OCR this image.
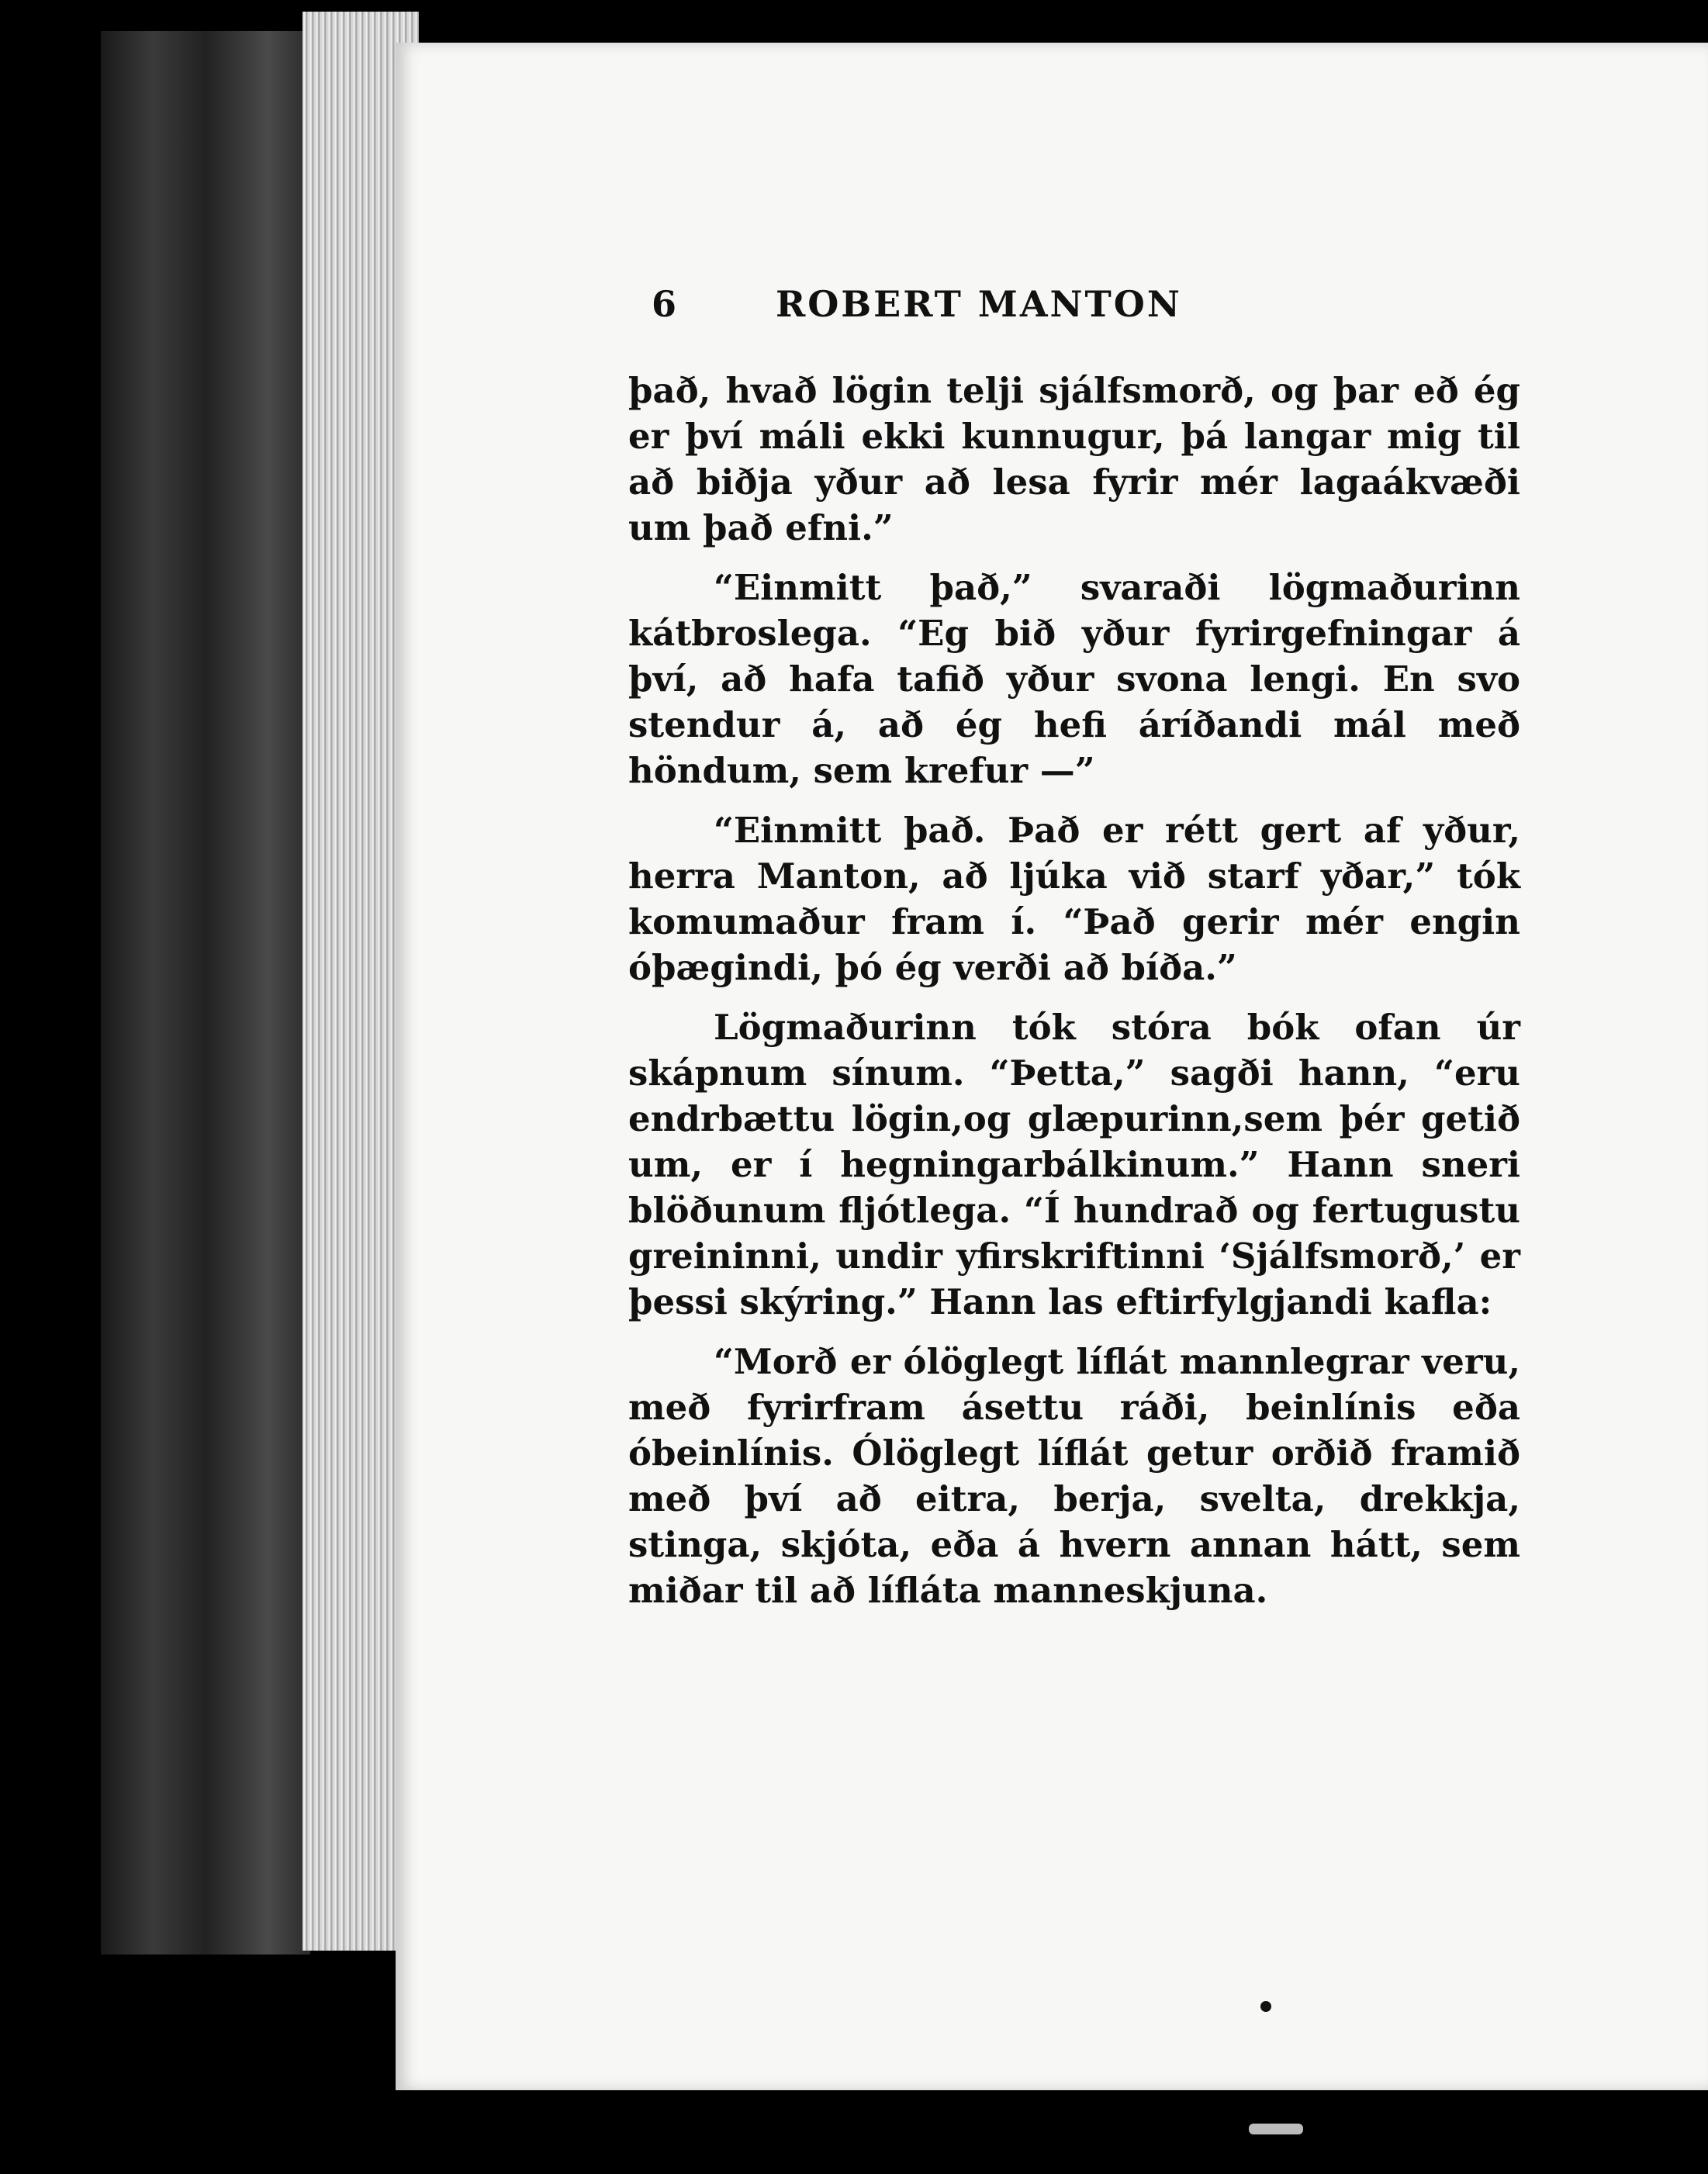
6	ROBERT MANTON

það, hvað lögin telji sjálfsmorð, og þar eð ég er því máli ekki kunnugur, þá langar mig til að biðja yður að lesa fyrir mér lagaákvæði um það efni.”

“Einmitt það,” svaraði lögmaðurinn kátbroslega. “Eg bið yður fyrirgefningar á því, að hafa tafið yður svona lengi. En svo stendur á, að ég hefi áríðandi mál með höndum, sem krefur —”

“Einmitt það. Það er rétt gert af yður, herra Manton, að ljúka við starf yðar,” tók komumaður fram í. “Það gerir mér engin óþægindi, þó ég verði að bíða.”

Lögmaðurinn tók stóra bók ofan úr skápnum sínum. “Þetta,” sagði hann, “eru endrbættu lögin,og glæpurinn,sem þér getið um, er í hegningarbálkinum.” Hann sneri blöðunum fljótlega. “Í hundrað og fertugustu greininni, undir yfirskriftinni ‘Sjálfsmorð,’ er þessi skýring.” Hann las eftirfylgjandi kafla:

“Morð er ólöglegt líflát mannlegrar veru, með fyrirfram ásettu ráði, beinlínis eða óbeinlínis. Ólöglegt líflát getur orðið framið með því að eitra, berja, svelta, drekkja, stinga, skjóta, eða á hvern annan hátt, sem miðar til að lífláta manneskjuna.
